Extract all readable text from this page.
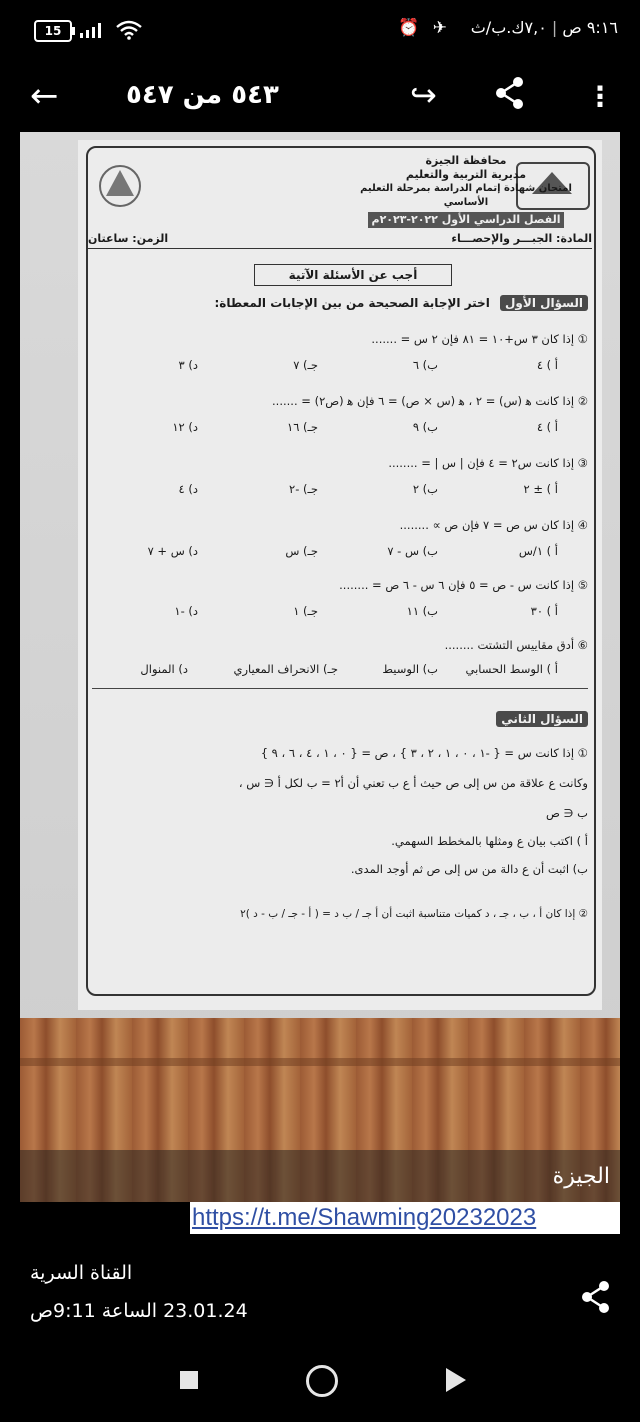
15	⏰ ✈	٩:١٦ ص | ٧,٠ك.ب/ث
←	٥٤٣ من ٥٤٧	↪	⋮
محافظة الجيزة
مديرية التربية والتعليم
امتحان شهادة إتمام الدراسة بمرحلة التعليم الأساسي
الفصل الدراسي الأول ٢٠٢٢-٢٠٢٣م
المادة: الجبـــر والإحصـــاء
الزمن: ساعتان
أجب عن الأسئلة الآتية
السؤال الأول اختر الإجابة الصحيحة من بين الإجابات المعطاة:
① إذا كان ٣ س+١٠ = ٨١ فإن ٢ س = .......
أ ) ٤
ب) ٦
جـ) ٧
د) ٣
② إذا كانت ﻫ (س) = ٢ ، ﻫ (س × ص) = ٦ فإن ﻫ (ص٢) = .......
أ ) ٤
ب) ٩
جـ) ١٦
د) ١٢
③ إذا كانت س٢ = ٤ فإن | س | = ........
أ ) ± ٢
ب) ٢
جـ) -٢
د) ٤
④ إذا كان س ص = ٧ فإن ص ∝ ........
أ ) ١/س
ب) س - ٧
جـ) س
د) س + ٧
⑤ إذا كانت س - ص = ٥ فإن ٦ س - ٦ ص = ........
أ ) ٣٠
ب) ١١
جـ) ١
د) -١
⑥ أدق مقاييس التشتت ........
أ ) الوسط الحسابي
ب) الوسيط
جـ) الانحراف المعياري
د) المنوال
السؤال الثاني
① إذا كانت س = { -١ ، ٠ ، ١ ، ٢ ، ٣ } ، ص = { ٠ ، ١ ، ٤ ، ٦ ، ٩ }
وكانت ع علاقة من س إلى ص حيث أ ع ب تعني أن أ٢ = ب لكل أ ∈ س ،
ب ∈ ص
أ ) اكتب بيان ع ومثلها بالمخطط السهمي.
ب) اثبت أن ع دالة من س إلى ص ثم أوجد المدى.
② إذا كان أ ، ب ، جـ ، د كميات متناسبة اثبت أن أ جـ / ب د = ( أ - جـ / ب - د )٢
الجيزة
https://t.me/Shawming20232023
القناة السرية
23.01.24 الساعة 9:11ص
